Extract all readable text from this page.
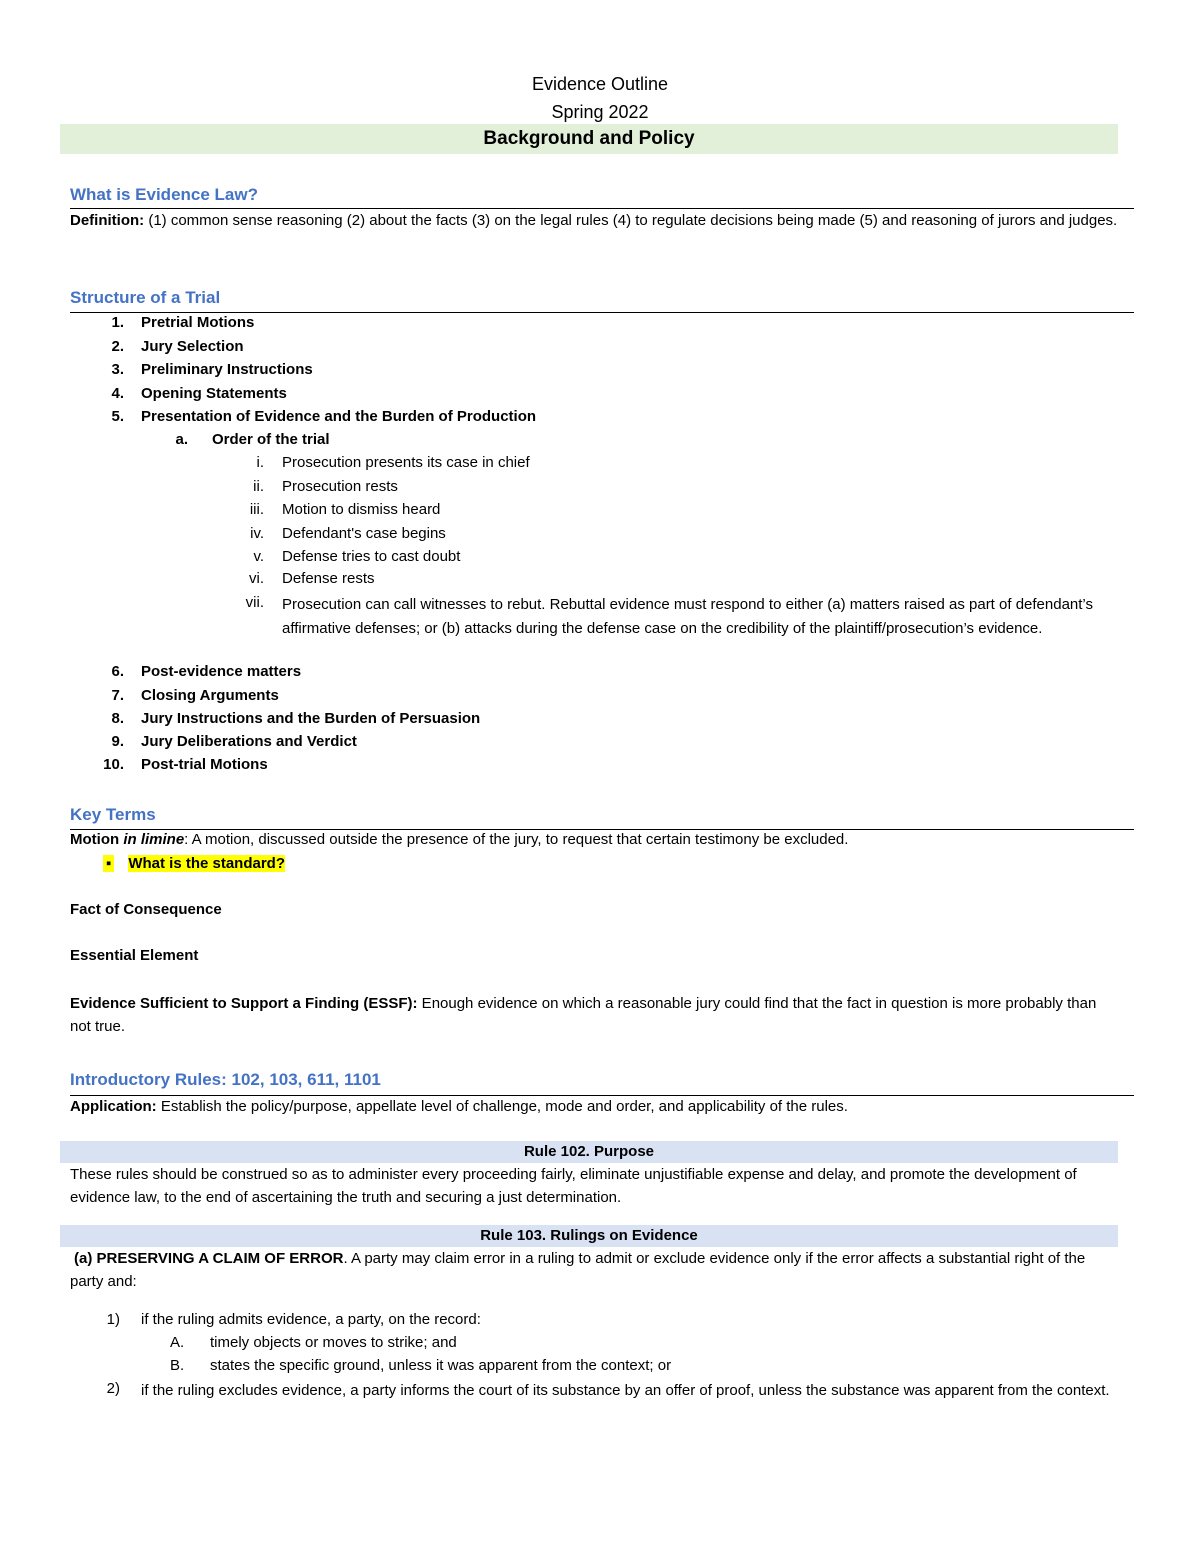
Evidence Outline
Spring 2022
Background and Policy
What is Evidence Law?
Definition: (1) common sense reasoning (2) about the facts (3) on the legal rules (4) to regulate decisions being made (5) and reasoning of jurors and judges.
Structure of a Trial
1. Pretrial Motions
2. Jury Selection
3. Preliminary Instructions
4. Opening Statements
5. Presentation of Evidence and the Burden of Production
a. Order of the trial
i. Prosecution presents its case in chief
ii. Prosecution rests
iii. Motion to dismiss heard
iv. Defendant's case begins
v. Defense tries to cast doubt
vi. Defense rests
vii. Prosecution can call witnesses to rebut. Rebuttal evidence must respond to either (a) matters raised as part of defendant’s affirmative defenses; or (b) attacks during the defense case on the credibility of the plaintiff/prosecution’s evidence.
6. Post-evidence matters
7. Closing Arguments
8. Jury Instructions and the Burden of Persuasion
9. Jury Deliberations and Verdict
10. Post-trial Motions
Key Terms
Motion in limine: A motion, discussed outside the presence of the jury, to request that certain testimony be excluded.
▪ What is the standard?
Fact of Consequence
Essential Element
Evidence Sufficient to Support a Finding (ESSF): Enough evidence on which a reasonable jury could find that the fact in question is more probably than not true.
Introductory Rules: 102, 103, 611, 1101
Application: Establish the policy/purpose, appellate level of challenge, mode and order, and applicability of the rules.
Rule 102. Purpose
These rules should be construed so as to administer every proceeding fairly, eliminate unjustifiable expense and delay, and promote the development of evidence law, to the end of ascertaining the truth and securing a just determination.
Rule 103. Rulings on Evidence
(a) PRESERVING A CLAIM OF ERROR. A party may claim error in a ruling to admit or exclude evidence only if the error affects a substantial right of the party and:
1) if the ruling admits evidence, a party, on the record:
A. timely objects or moves to strike; and
B. states the specific ground, unless it was apparent from the context; or
2) if the ruling excludes evidence, a party informs the court of its substance by an offer of proof, unless the substance was apparent from the context.
